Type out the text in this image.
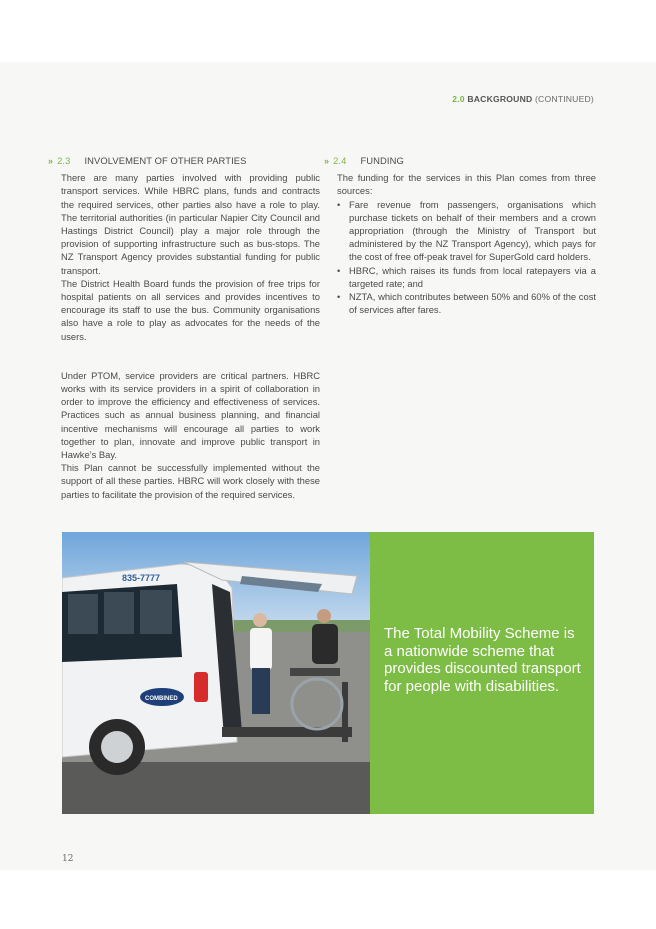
2.0 BACKGROUND (CONTINUED)
» 2.3 INVOLVEMENT OF OTHER PARTIES

There are many parties involved with providing public transport services. While HBRC plans, funds and contracts the required services, other parties also have a role to play. The territorial authorities (in particular Napier City Council and Hastings District Council) play a major role through the provision of supporting infrastructure such as bus-stops. The NZ Transport Agency provides substantial funding for public transport.

The District Health Board funds the provision of free trips for hospital patients on all services and provides incentives to encourage its staff to use the bus. Community organisations also have a role to play as advocates for the needs of the users.

Under PTOM, service providers are critical partners. HBRC works with its service providers in a spirit of collaboration in order to improve the efficiency and effectiveness of services. Practices such as annual business planning, and financial incentive mechanisms will encourage all parties to work together to plan, innovate and improve public transport in Hawke’s Bay.

This Plan cannot be successfully implemented without the support of all these parties. HBRC will work closely with these parties to facilitate the provision of the required services.

» 2.4 FUNDING

The funding for the services in this Plan comes from three sources:

• Fare revenue from passengers, organisations which purchase tickets on behalf of their members and a crown appropriation (through the Ministry of Transport but administered by the NZ Transport Agency), which pays for the cost of free off-peak travel for SuperGold card holders.
• HBRC, which raises its funds from local ratepayers via a targeted rate; and
• NZTA, which contributes between 50% and 60% of the cost of services after fares.
835-7777
COMBINED
The Total Mobility Scheme is a nationwide scheme that provides discounted transport for people with disabilities.
12
